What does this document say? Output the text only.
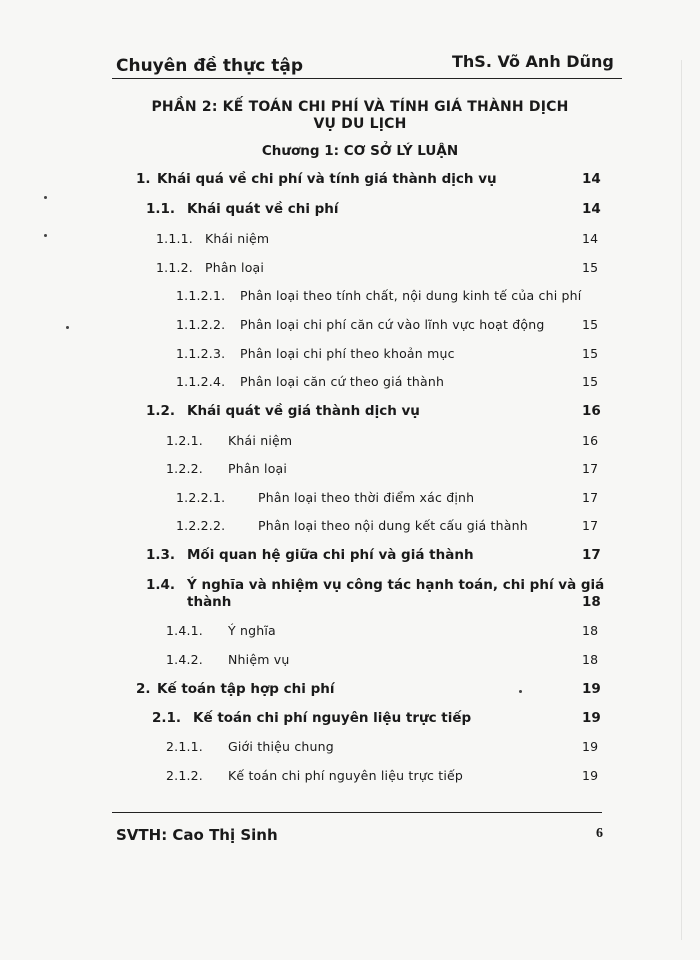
Chuyên đề thực tập	ThS. Võ Anh Dũng
PHẦN 2: KẾ TOÁN CHI PHÍ VÀ TÍNH GIÁ THÀNH DỊCH VỤ DU LỊCH
Chương 1: CƠ SỞ LÝ LUẬN
1. Khái quá về chi phí và tính giá thành dịch vụ	14
1.1. Khái quát về chi phí	14
1.1.1. Khái niệm	14
1.1.2. Phân loại	15
1.1.2.1. Phân loại theo tính chất, nội dung kinh tế của chi phí
1.1.2.2. Phân loại chi phí căn cứ vào lĩnh vực hoạt động	15
1.1.2.3. Phân loại chi phí theo khoản mục	15
1.1.2.4. Phân loại căn cứ theo giá thành	15
1.2. Khái quát về giá thành dịch vụ	16
1.2.1. Khái niệm	16
1.2.2. Phân loại	17
1.2.2.1.	Phân loại theo thời điểm xác định	17
1.2.2.2.	Phân loại theo nội dung kết cấu giá thành	17
1.3. Mối quan hệ giữa chi phí và giá thành	17
1.4. Ý nghĩa và nhiệm vụ công tác hạnh toán, chi phí và giá
thành	18
1.4.1. Ý nghĩa	18
1.4.2. Nhiệm vụ	18
2. Kế toán tập hợp chi phí	19
2.1. Kế toán chi phí nguyên liệu trực tiếp	19
2.1.1. Giới thiệu chung	19
2.1.2. Kế toán chi phí nguyên liệu trực tiếp	19
SVTH: Cao Thị Sinh	6
